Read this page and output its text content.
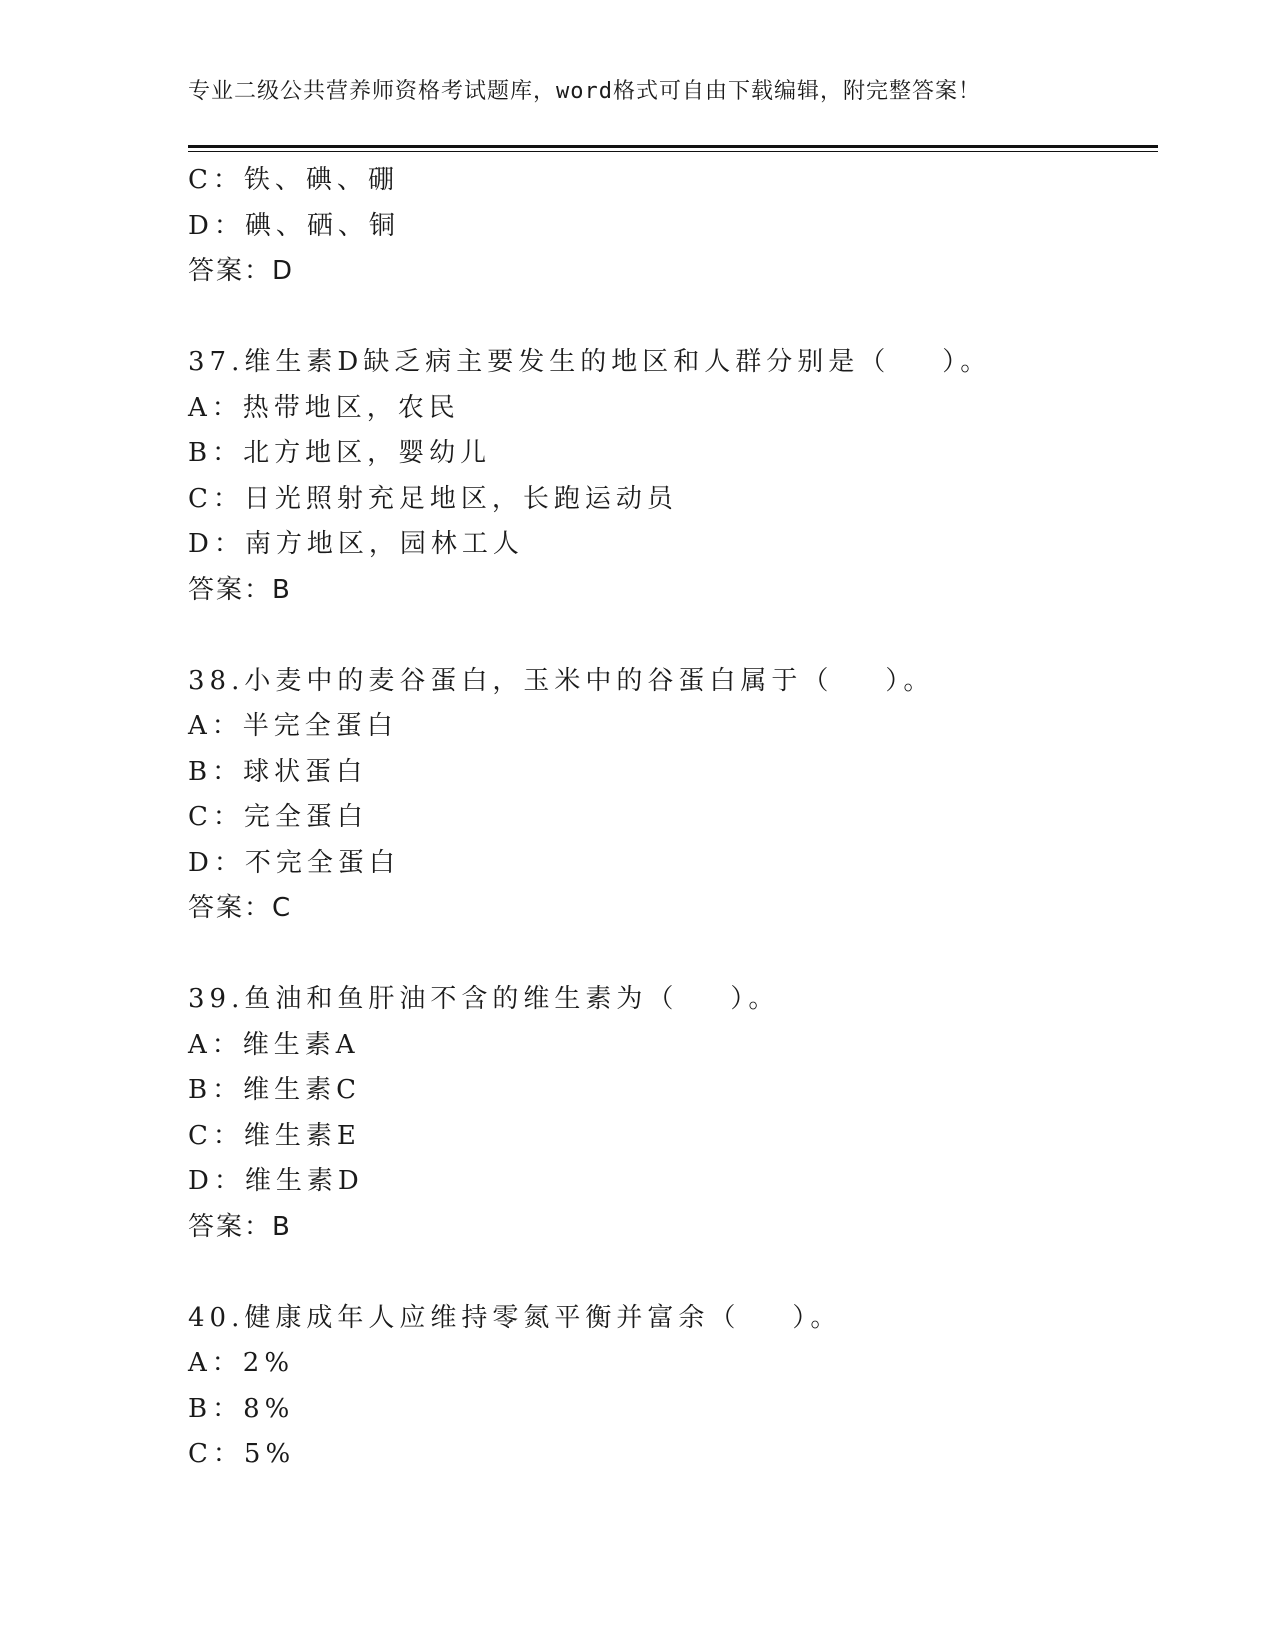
专业二级公共营养师资格考试题库，word格式可自由下载编辑，附完整答案！
C：铁、碘、硼
D：碘、硒、铜
答案：D
37.维生素D缺乏病主要发生的地区和人群分别是（ ）。
A：热带地区，农民
B：北方地区，婴幼儿
C：日光照射充足地区，长跑运动员
D：南方地区，园林工人
答案：B
38.小麦中的麦谷蛋白，玉米中的谷蛋白属于（ ）。
A：半完全蛋白
B：球状蛋白
C：完全蛋白
D：不完全蛋白
答案：C
39.鱼油和鱼肝油不含的维生素为（ ）。
A：维生素A
B：维生素C
C：维生素E
D：维生素D
答案：B
40.健康成年人应维持零氮平衡并富余（ ）。
A：2%
B：8%
C：5%
